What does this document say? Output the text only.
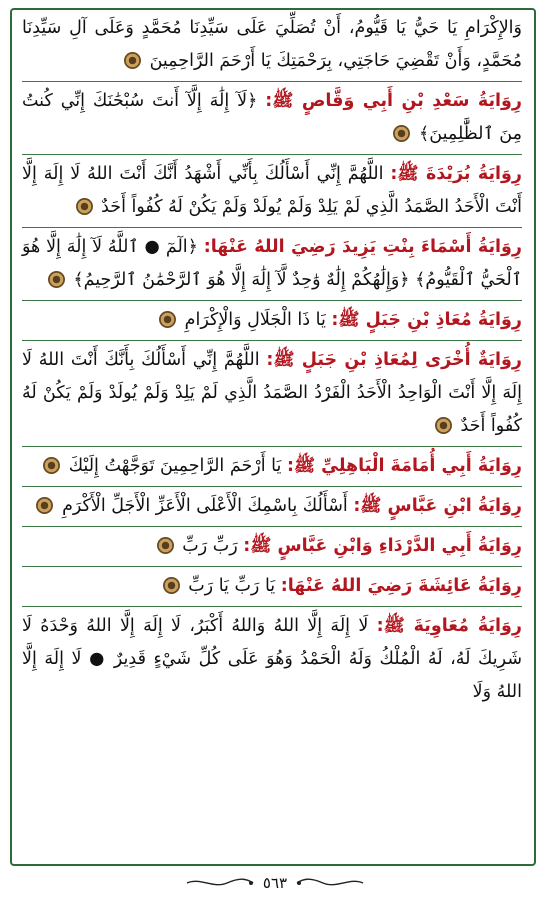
وَالإِكْرَامِ يَا حَيُّ يَا قَيُّومُ، أَنْ تُصَلِّيَ عَلَى سَيِّدِنَا مُحَمَّدٍ وَعَلَى آلِ سَيِّدِنَا مُحَمَّدٍ، وَأَنْ تَقْضِيَ حَاجَتِي، بِرَحْمَتِكَ يَا أَرْحَمَ الرَّاحِمِينَ
رِوَايَةُ سَعْدِ بْنِ أَبِي وَقَّاصٍ ﷺ: ﴿لَآ إِلَٰهَ إِلَّآ أَنتَ سُبْحَٰنَكَ إِنِّي كُنتُ مِنَ ٱلظَّٰلِمِينَ﴾
رِوَايَةُ بُرَيْدَةَ ﷺ: اللَّهُمَّ إِنِّي أَسْأَلُكَ بِأَنِّي أَشْهَدُ أَنَّكَ أَنْتَ اللهُ لَا إِلَهَ إِلَّا أَنْتَ الْأَحَدُ الصَّمَدُ الَّذِي لَمْ يَلِدْ وَلَمْ يُولَدْ وَلَمْ يَكُنْ لَهُ كُفُواً أَحَدٌ
رِوَايَةُ أَسْمَاءَ بِنْتِ يَزِيدَ رَضِيَ اللهُ عَنْهَا: ﴿الٓمٓ ● ٱللَّهُ لَآ إِلَٰهَ إِلَّا هُوَ ٱلْحَيُّ ٱلْقَيُّومُ﴾ ﴿وَإِلَٰهُكُمْ إِلَٰهٌ وَٰحِدٌ لَّآ إِلَٰهَ إِلَّا هُوَ ٱلرَّحْمَٰنُ ٱلرَّحِيمُ﴾
رِوَايَةُ مُعَاذِ بْنِ جَبَلٍ ﷺ: يَا ذَا الْجَلَالِ وَالْإِكْرَامِ
رِوَايَةٌ أُخْرَى لِمُعَاذِ بْنِ جَبَلٍ ﷺ: اللَّهُمَّ إِنِّي أَسْأَلُكَ بِأَنَّكَ أَنْتَ اللهُ لَا إِلَهَ إِلَّا أَنْتَ الْوَاحِدُ الْأَحَدُ الْفَرْدُ الصَّمَدُ الَّذِي لَمْ يَلِدْ وَلَمْ يُولَدْ وَلَمْ يَكُنْ لَهُ كُفُواً أَحَدٌ
رِوَايَةُ أَبِي أُمَامَةَ الْبَاهِلِيِّ ﷺ: يَا أَرْحَمَ الرَّاحِمِينَ تَوَجَّهْتُ إِلَيْكَ
رِوَايَةُ ابْنِ عَبَّاسٍ ﷺ: أَسْأَلُكَ بِاسْمِكَ الْأَعْلَى الْأَعَزِّ الْأَجَلِّ الْأَكْرَمِ
رِوَايَةُ أَبِي الدَّرْدَاءِ وَابْنِ عَبَّاسٍ ﷺ: رَبِّ رَبِّ
رِوَايَةُ عَائِشَةَ رَضِيَ اللهُ عَنْهَا: يَا رَبِّ يَا رَبِّ
رِوَايَةُ مُعَاوِيَةَ ﷺ: لَا إِلَهَ إِلَّا اللهُ وَاللهُ أَكْبَرُ، لَا إِلَهَ إِلَّا اللهُ وَحْدَهُ لَا شَرِيكَ لَهُ، لَهُ الْمُلْكُ وَلَهُ الْحَمْدُ وَهُوَ عَلَى كُلِّ شَيْءٍ قَدِيرٌ ● لَا إِلَهَ إِلَّا اللهُ وَلَا
٥٦٣
